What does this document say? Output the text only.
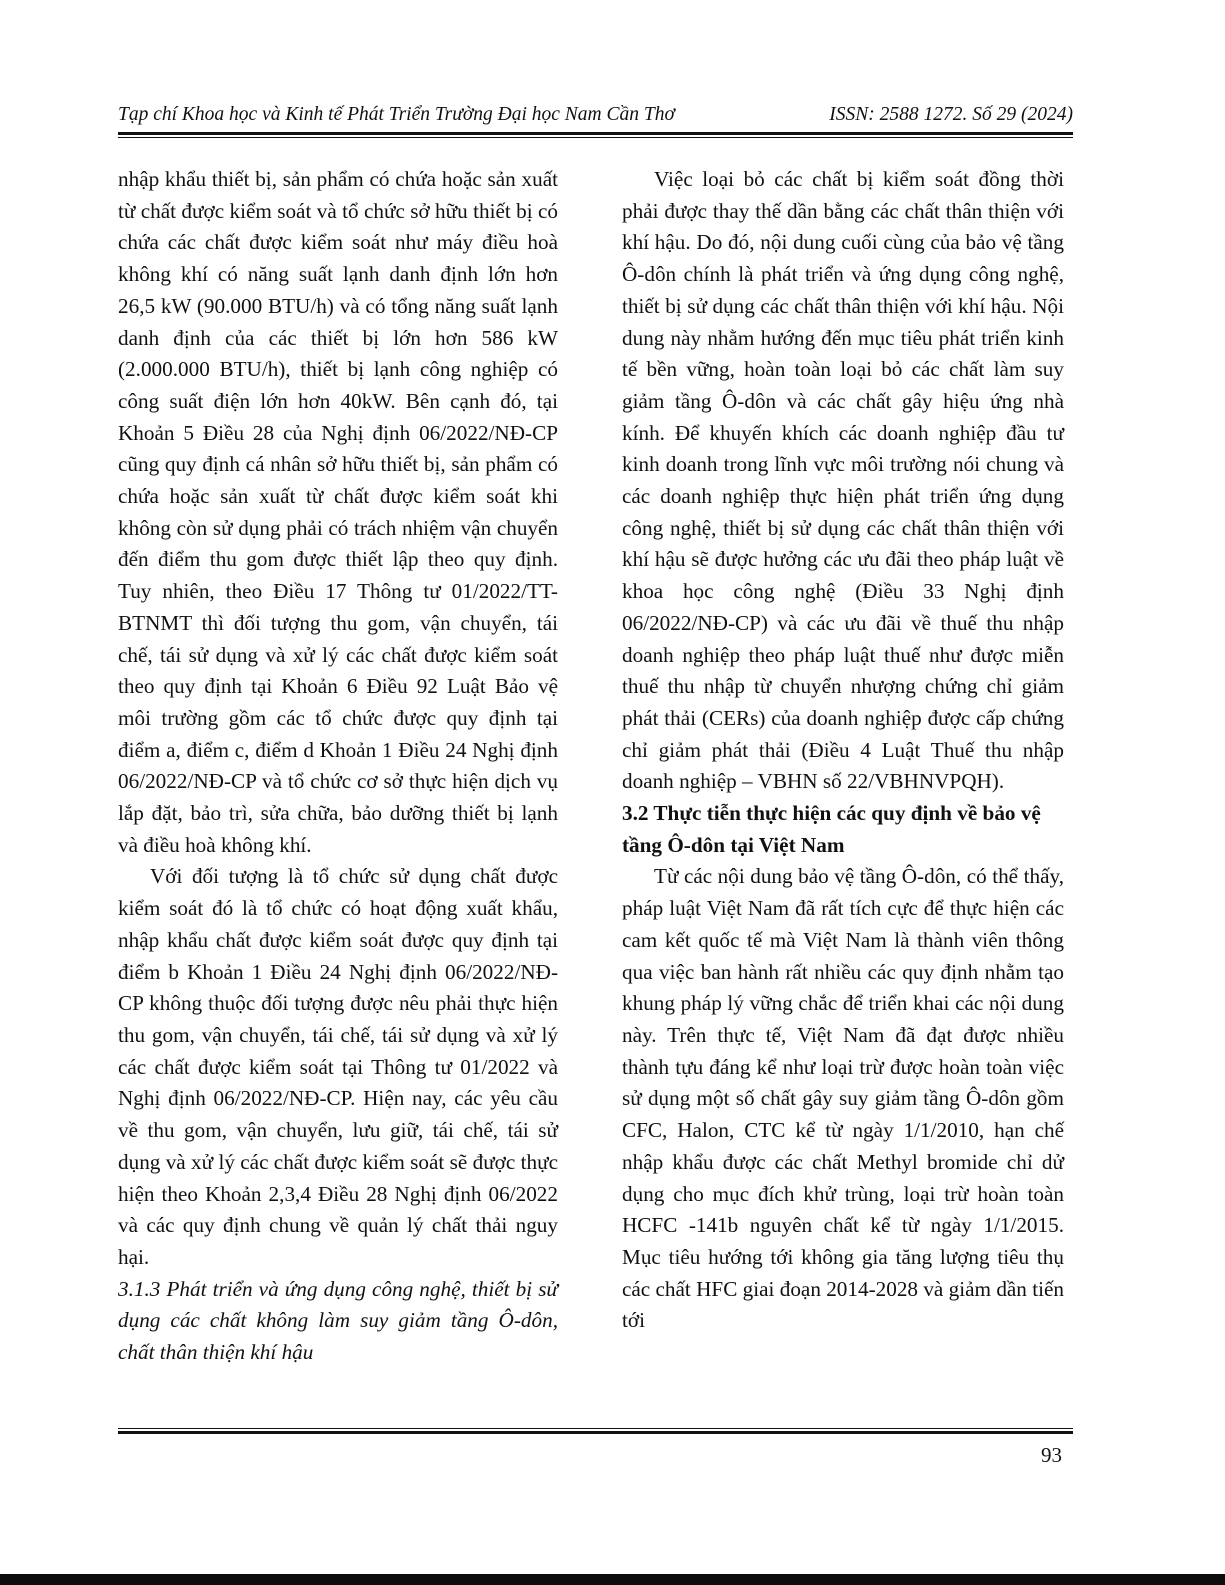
Tạp chí Khoa học và Kinh tế Phát Triển Trường Đại học Nam Cần Thơ	ISSN: 2588 1272. Số 29 (2024)

nhập khẩu thiết bị, sản phẩm có chứa hoặc sản xuất từ chất được kiểm soát và tổ chức sở hữu thiết bị có chứa các chất được kiểm soát như máy điều hoà không khí có năng suất lạnh danh định lớn hơn 26,5 kW (90.000 BTU/h) và có tổng năng suất lạnh danh định của các thiết bị lớn hơn 586 kW (2.000.000 BTU/h), thiết bị lạnh công nghiệp có công suất điện lớn hơn 40kW. Bên cạnh đó, tại Khoản 5 Điều 28 của Nghị định 06/2022/NĐ-CP cũng quy định cá nhân sở hữu thiết bị, sản phẩm có chứa hoặc sản xuất từ chất được kiểm soát khi không còn sử dụng phải có trách nhiệm vận chuyển đến điểm thu gom được thiết lập theo quy định. Tuy nhiên, theo Điều 17 Thông tư 01/2022/TT-BTNMT thì đối tượng thu gom, vận chuyển, tái chế, tái sử dụng và xử lý các chất được kiểm soát theo quy định tại Khoản 6 Điều 92 Luật Bảo vệ môi trường gồm các tổ chức được quy định tại điểm a, điểm c, điểm d Khoản 1 Điều 24 Nghị định 06/2022/NĐ-CP và tổ chức cơ sở thực hiện dịch vụ lắp đặt, bảo trì, sửa chữa, bảo dưỡng thiết bị lạnh và điều hoà không khí.

Với đối tượng là tổ chức sử dụng chất được kiểm soát đó là tổ chức có hoạt động xuất khẩu, nhập khẩu chất được kiểm soát được quy định tại điểm b Khoản 1 Điều 24 Nghị định 06/2022/NĐ-CP không thuộc đối tượng được nêu phải thực hiện thu gom, vận chuyển, tái chế, tái sử dụng và xử lý các chất được kiểm soát tại Thông tư 01/2022 và Nghị định 06/2022/NĐ-CP. Hiện nay, các yêu cầu về thu gom, vận chuyển, lưu giữ, tái chế, tái sử dụng và xử lý các chất được kiểm soát sẽ được thực hiện theo Khoản 2,3,4 Điều 28 Nghị định 06/2022 và các quy định chung về quản lý chất thải nguy hại.

3.1.3 Phát triển và ứng dụng công nghệ, thiết bị sử dụng các chất không làm suy giảm tầng Ô-dôn, chất thân thiện khí hậu

Việc loại bỏ các chất bị kiểm soát đồng thời phải được thay thế dần bằng các chất thân thiện với khí hậu. Do đó, nội dung cuối cùng của bảo vệ tầng Ô-dôn chính là phát triển và ứng dụng công nghệ, thiết bị sử dụng các chất thân thiện với khí hậu. Nội dung này nhằm hướng đến mục tiêu phát triển kinh tế bền vững, hoàn toàn loại bỏ các chất làm suy giảm tầng Ô-dôn và các chất gây hiệu ứng nhà kính. Để khuyến khích các doanh nghiệp đầu tư kinh doanh trong lĩnh vực môi trường nói chung và các doanh nghiệp thực hiện phát triển ứng dụng công nghệ, thiết bị sử dụng các chất thân thiện với khí hậu sẽ được hưởng các ưu đãi theo pháp luật về khoa học công nghệ (Điều 33 Nghị định 06/2022/NĐ-CP) và các ưu đãi về thuế thu nhập doanh nghiệp theo pháp luật thuế như được miễn thuế thu nhập từ chuyển nhượng chứng chỉ giảm phát thải (CERs) của doanh nghiệp được cấp chứng chỉ giảm phát thải (Điều 4 Luật Thuế thu nhập doanh nghiệp – VBHN số 22/VBHNVPQH).

3.2 Thực tiễn thực hiện các quy định về bảo vệ tầng Ô-dôn tại Việt Nam

Từ các nội dung bảo vệ tầng Ô-dôn, có thể thấy, pháp luật Việt Nam đã rất tích cực để thực hiện các cam kết quốc tế mà Việt Nam là thành viên thông qua việc ban hành rất nhiều các quy định nhằm tạo khung pháp lý vững chắc để triển khai các nội dung này. Trên thực tế, Việt Nam đã đạt được nhiều thành tựu đáng kể như loại trừ được hoàn toàn việc sử dụng một số chất gây suy giảm tầng Ô-dôn gồm CFC, Halon, CTC kể từ ngày 1/1/2010, hạn chế nhập khẩu được các chất Methyl bromide chỉ dử dụng cho mục đích khử trùng, loại trừ hoàn toàn HCFC -141b nguyên chất kể từ ngày 1/1/2015. Mục tiêu hướng tới không gia tăng lượng tiêu thụ các chất HFC giai đoạn 2014-2028 và giảm dần tiến tới

93
